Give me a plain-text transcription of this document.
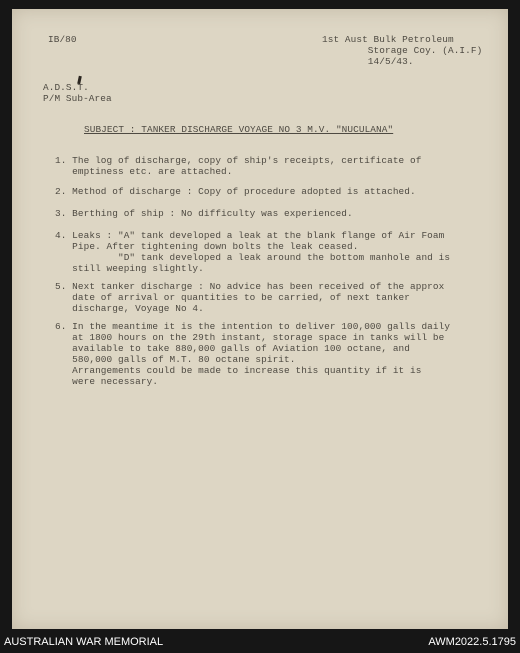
IB/80	1st Aust Bulk Petroleum
Storage Coy. (A.I.F)
14/5/43.
A.D.S.T.
P/M Sub-Area
SUBJECT : TANKER DISCHARGE VOYAGE NO 3 M.V. "NUCULANA"
1. The log of discharge, copy of ship's receipts, certificate of
emptiness etc. are attached.
2. Method of discharge : Copy of procedure adopted is attached.
3. Berthing of ship : No difficulty was experienced.
4. Leaks : "A" tank developed a leak at the blank flange of Air Foam
Pipe. After tightening down bolts the leak ceased.
"D" tank developed a leak around the bottom manhole and is
still weeping slightly.
5. Next tanker discharge : No advice has been received of the approx
date of arrival or quantities to be carried, of next tanker
discharge, Voyage No 4.
6. In the meantime it is the intention to deliver 100,000 galls daily
at 1800 hours on the 29th instant, storage space in tanks will be
available to take 880,000 galls of Aviation 100 octane, and
580,000 galls of M.T. 80 octane spirit.
Arrangements could be made to increase this quantity if it is
were necessary.
AUSTRALIAN WAR MEMORIAL	AWM2022.5.1795
